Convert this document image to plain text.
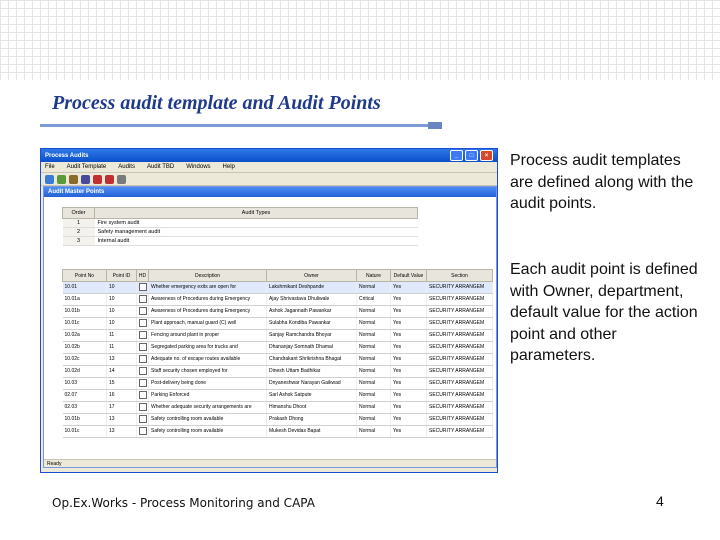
Process audit template and Audit Points
Process Audits	_	□	×
File Audit Template Audits Audit TBD Windows Help
Audit Master Points
Order	Audit Types
1	Fire system audit
2	Safety management audit
3	Internal audit
Point No	Point ID	HD	Description	Owner	Nature	Default Value	Section
10.01	10		Whether emergency exits are open for	Lakshmikant Deshpande	Normal	Yes	SECURITY ARRANGEM
10.01a	10		Awareness of Procedures during Emergency	Ajay Shrivastava Dhuliwale	Critical	Yes	SECURITY ARRANGEM
10.01b	10		Awareness of Procedures during Emergency	Ashok Jagannath Pawankar	Normal	Yes	SECURITY ARRANGEM
10.01c	10		Plant approach, manual guard (C) well	Sulabha Kondiba Pawankar	Normal	Yes	SECURITY ARRANGEM
10.02a	11		Fencing around plant in proper	Sanjay Ramchandra Bhoyar	Normal	Yes	SECURITY ARRANGEM
10.02b	11		Segregated parking area for trucks and	Dhananjay Somnath Dhamal	Normal	Yes	SECURITY ARRANGEM
10.02c	13		Adequate no. of escape routes available	Chandrakant Shrikrishna Bhagat	Normal	Yes	SECURITY ARRANGEM
10.02d	14		Staff security chosen employed for	Dinesh Uttam Badhikar	Normal	Yes	SECURITY ARRANGEM
10.03	15		Post-delivery being done	Dnyaneshwar Narayan Gaikwad	Normal	Yes	SECURITY ARRANGEM
02.07	16		Parking Enforced	Sarl Ashok Satpute	Normal	Yes	SECURITY ARRANGEM
02.03	17		Whether adequate security arrangements are	Himanshu Dhoot	Normal	Yes	SECURITY ARRANGEM
10.01b	13		Safety controlling room available	Prakash Dhong	Normal	Yes	SECURITY ARRANGEM
10.01c	13		Safety controlling room available	Mukesh Devidas Bapat	Normal	Yes	SECURITY ARRANGEM
Ready

Process audit templates are defined along with the audit points.

Each audit point is defined with Owner, department, default value for the action point and other parameters.

Op.Ex.Works - Process Monitoring and CAPA	4
